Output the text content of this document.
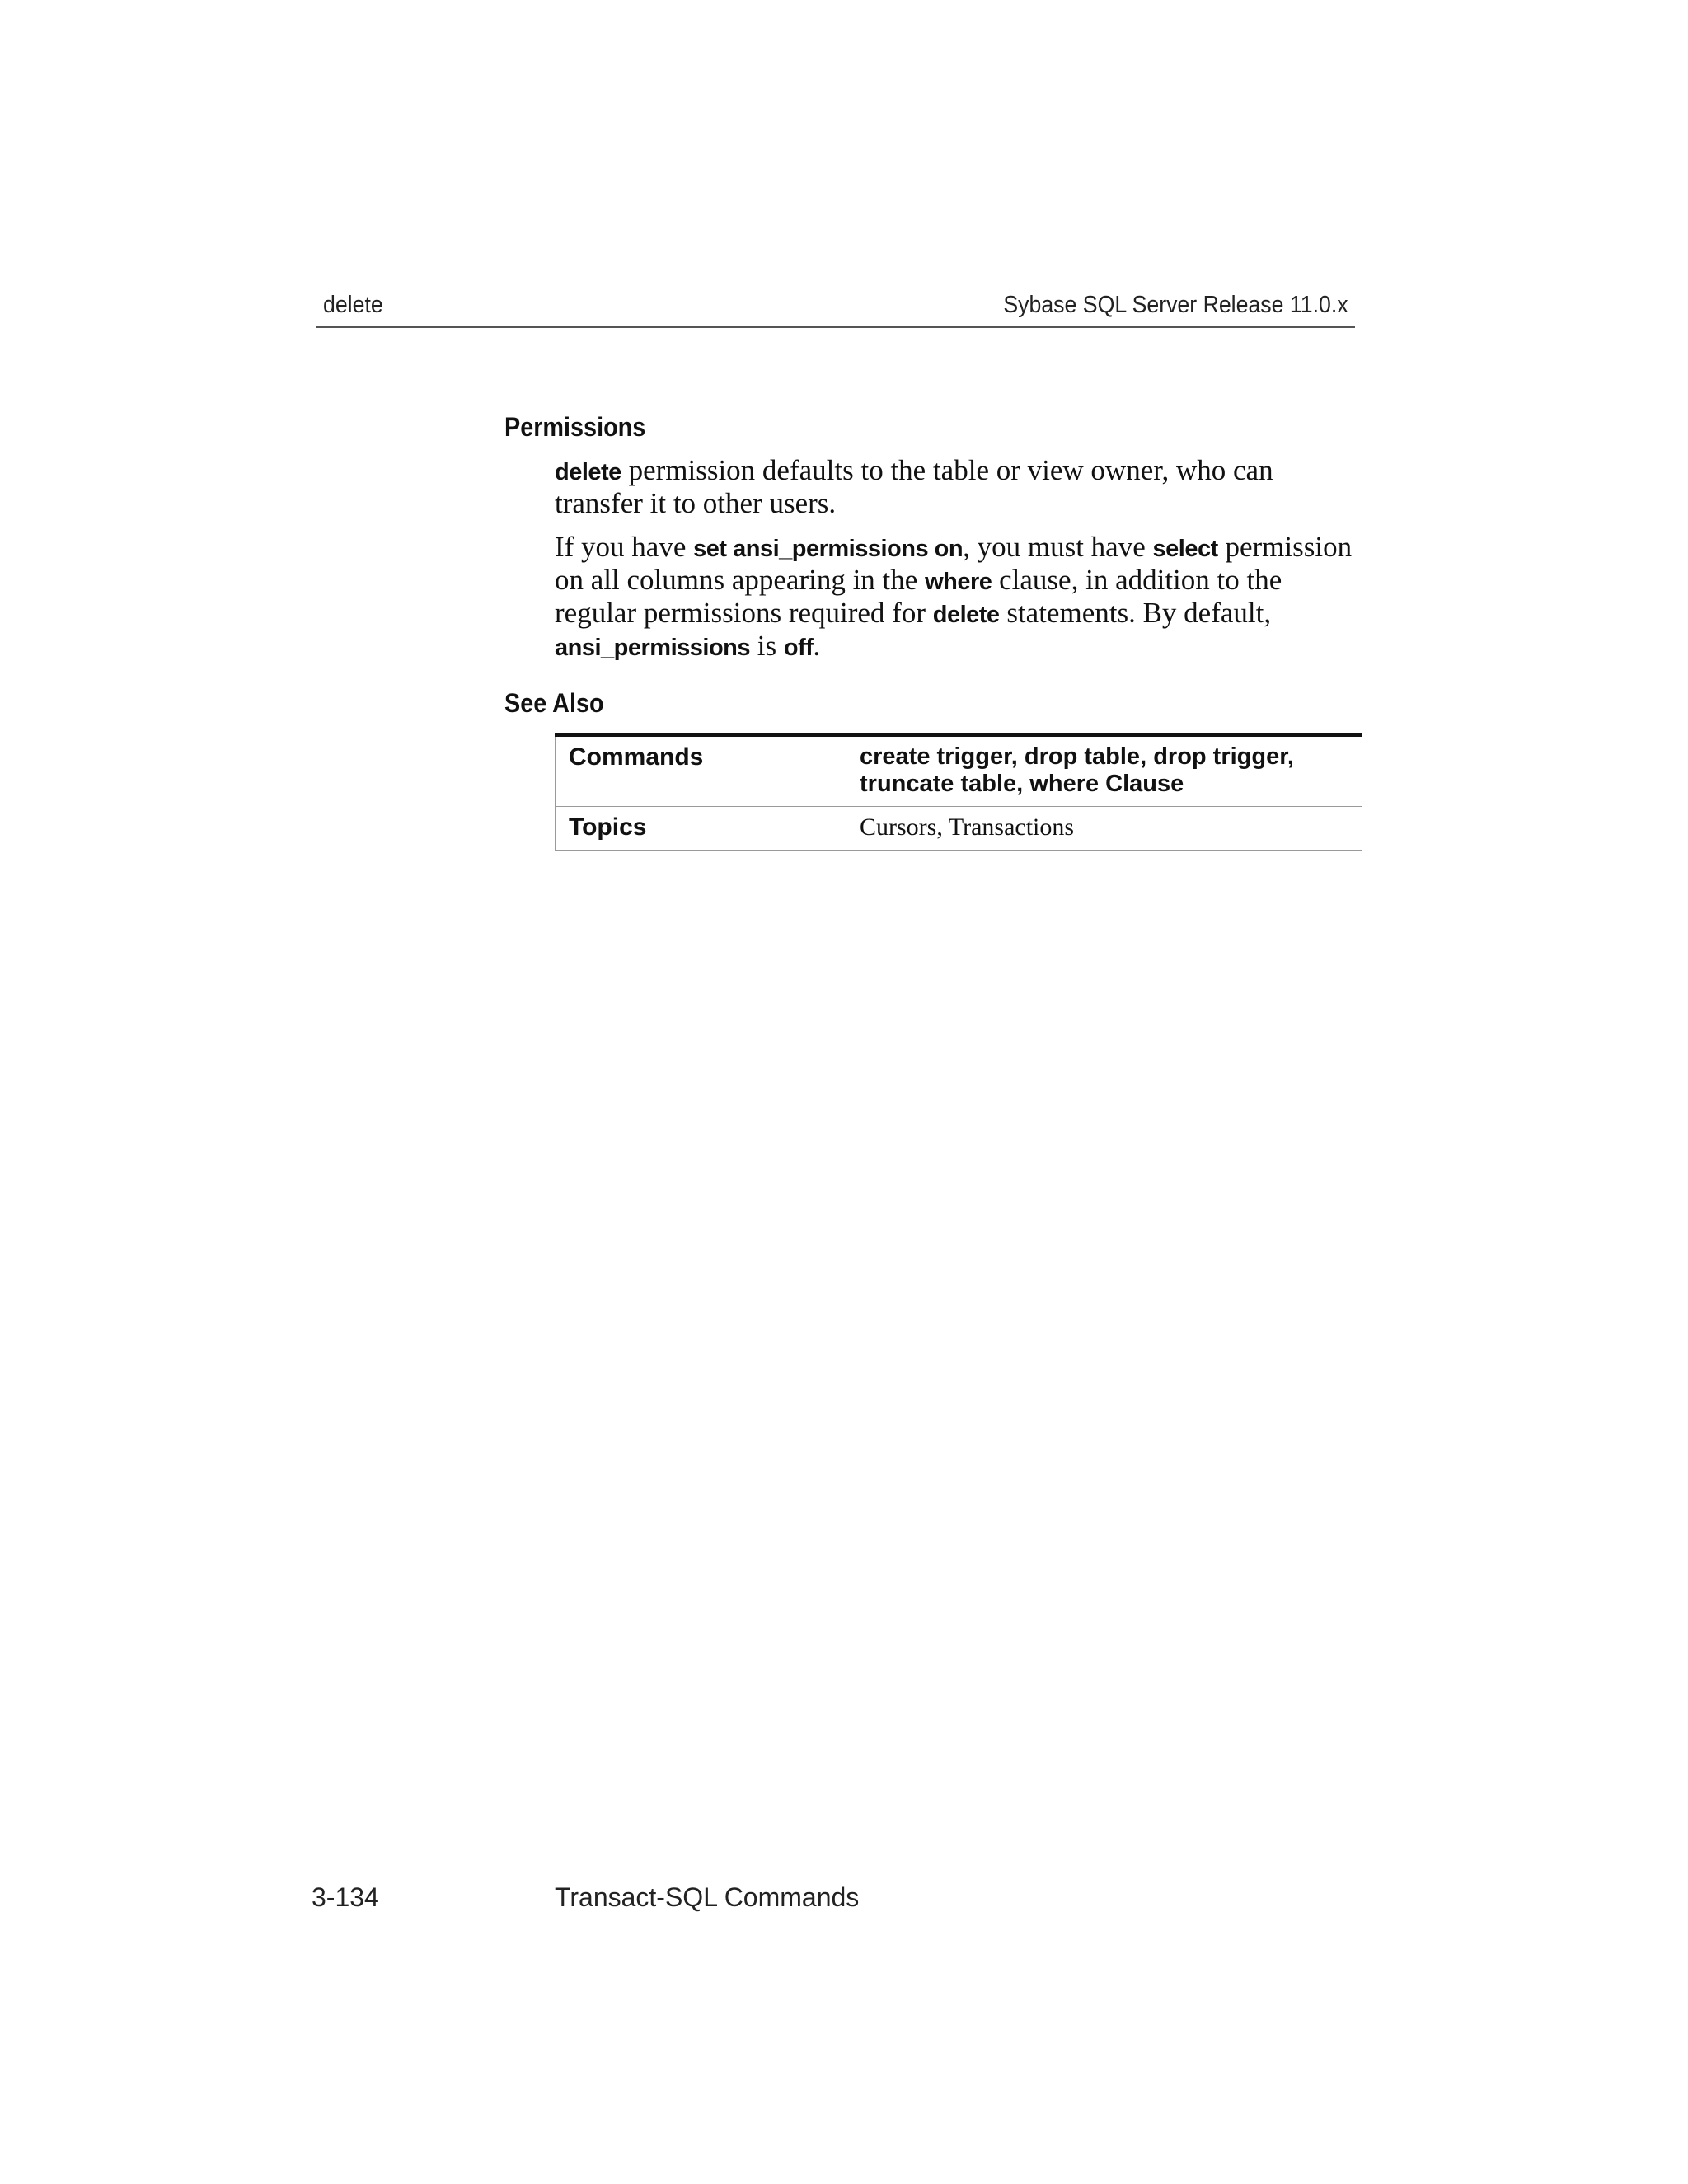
delete	Sybase SQL Server Release 11.0.x
Permissions

delete permission defaults to the table or view owner, who can transfer it to other users.

If you have set ansi_permissions on, you must have select permission on all columns appearing in the where clause, in addition to the regular permissions required for delete statements. By default, ansi_permissions is off.

See Also
Commands	create trigger, drop table, drop trigger, truncate table, where Clause
Topics	Cursors, Transactions
3-134	Transact-SQL Commands
